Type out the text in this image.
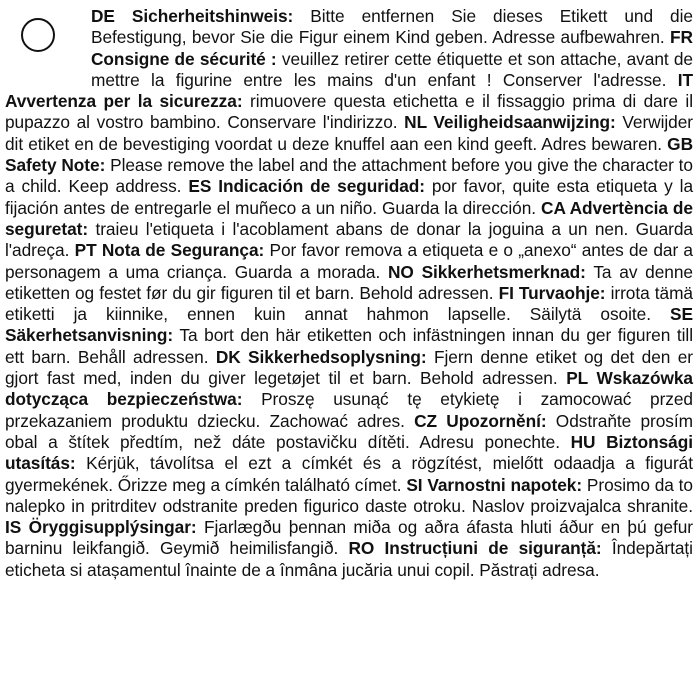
DE Sicherheitshinweis: Bitte entfernen Sie dieses Etikett und die Befestigung, bevor Sie die Figur einem Kind geben. Adresse aufbewahren. FR Consigne de sécurité : veuillez retirer cette étiquette et son attache, avant de mettre la figurine entre les mains d'un enfant ! Conserver l'adresse. IT Avvertenza per la sicurezza: rimuovere questa etichetta e il fissaggio prima di dare il pupazzo al vostro bambino. Conservare l'indirizzo. NL Veiligheidsaanwijzing: Verwijder dit etiket en de bevestiging voordat u deze knuffel aan een kind geeft. Adres bewaren. GB Safety Note: Please remove the label and the attachment before you give the character to a child. Keep address. ES Indicación de seguridad: por favor, quite esta etiqueta y la fijación antes de entregarle el muñeco a un niño. Guarda la dirección. CA Advertència de seguretat: traieu l'etiqueta i l'acoblament abans de donar la joguina a un nen. Guarda l'adreça. PT Nota de Segurança: Por favor remova a etiqueta e o „anexo“ antes de dar a personagem a uma criança. Guarda a morada. NO Sikkerhetsmerknad: Ta av denne etiketten og festet før du gir figuren til et barn. Behold adressen. FI Turvaohje: irrota tämä etiketti ja kiinnike, ennen kuin annat hahmon lapselle. Säilytä osoite. SE Säkerhetsanvisning: Ta bort den här etiketten och infästningen innan du ger figuren till ett barn. Behåll adressen. DK Sikkerhedsoplysning: Fjern denne etiket og det den er gjort fast med, inden du giver legetøjet til et barn. Behold adressen. PL Wskazówka dotycząca bezpieczeństwa: Proszę usunąć tę etykietę i zamocować przed przekazaniem produktu dziecku. Zachować adres. CZ Upozornění: Odstraňte prosím obal a štítek předtím, než dáte postavičku dítěti. Adresu ponechte. HU Biztonsági utasítás: Kérjük, távolítsa el ezt a címkét és a rögzítést, mielőtt odaadja a figurát gyermekének. Őrizze meg a címkén található címet. SI Varnostni napotek: Prosimo da to nalepko in pritrditev odstranite preden figurico daste otroku. Naslov proizvajalca shranite. IS Öryggisupplýsingar: Fjarlægðu þennan miða og aðra áfasta hluti áður en þú gefur barninu leikfangið. Geymið heimilisfangið. RO Instrucțiuni de siguranță: Îndepărtați eticheta si atașamentul înainte de a înmâna jucăria unui copil. Păstrați adresa.
